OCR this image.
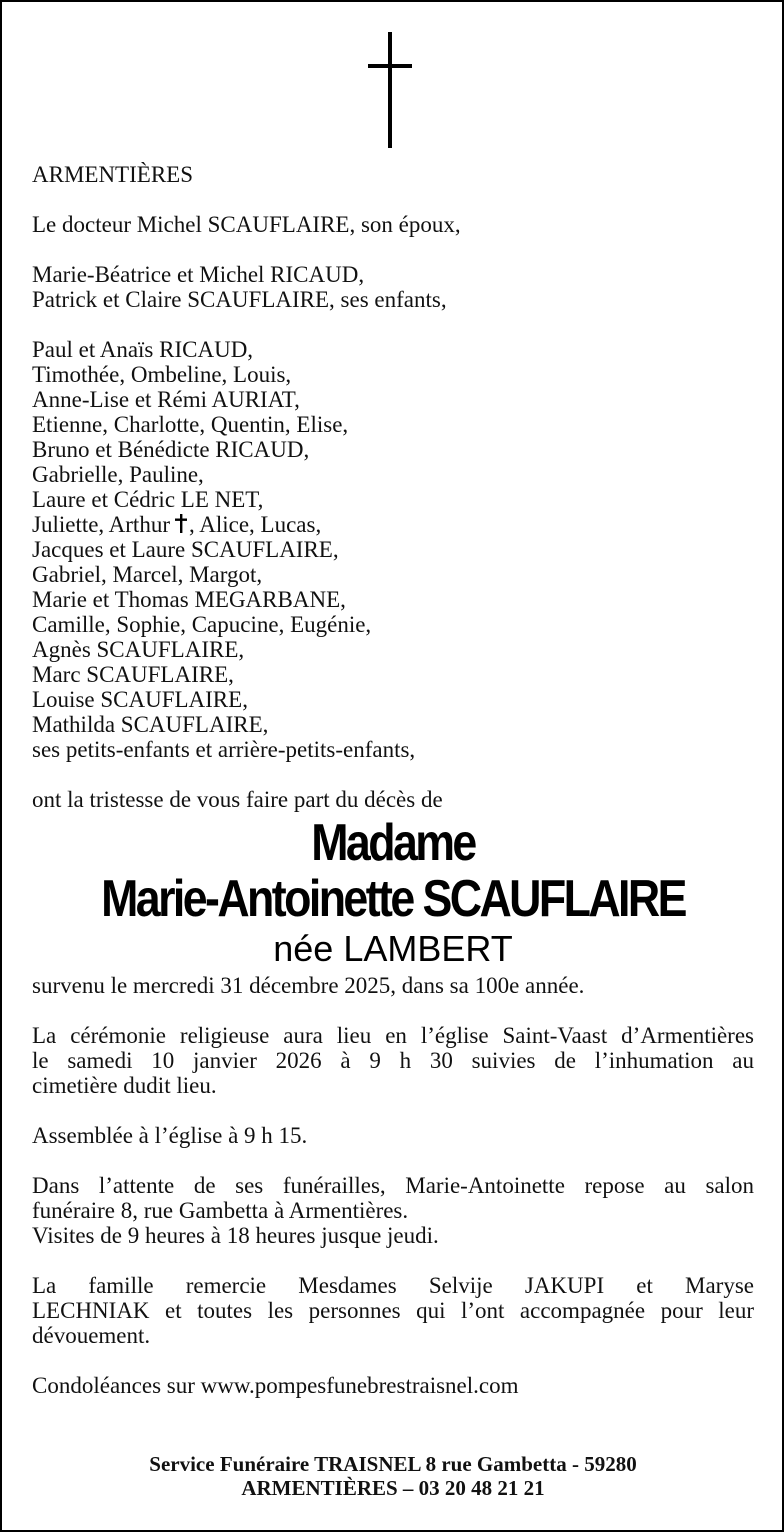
ARMENTIÈRES
Le docteur Michel SCAUFLAIRE, son époux,
Marie-Béatrice et Michel RICAUD,
Patrick et Claire SCAUFLAIRE, ses enfants,
Paul et Anaïs RICAUD,
Timothée, Ombeline, Louis,
Anne-Lise et Rémi AURIAT,
Etienne, Charlotte, Quentin, Elise,
Bruno et Bénédicte RICAUD,
Gabrielle, Pauline,
Laure et Cédric LE NET,
Juliette, Arthur , Alice, Lucas,
Jacques et Laure SCAUFLAIRE,
Gabriel, Marcel, Margot,
Marie et Thomas MEGARBANE,
Camille, Sophie, Capucine, Eugénie,
Agnès SCAUFLAIRE,
Marc SCAUFLAIRE,
Louise SCAUFLAIRE,
Mathilda SCAUFLAIRE,
ses petits-enfants et arrière-petits-enfants,
ont la tristesse de vous faire part du décès de
Madame
Marie-Antoinette SCAUFLAIRE
née LAMBERT
survenu le mercredi 31 décembre 2025, dans sa 100e année.
La cérémonie religieuse aura lieu en l’église Saint-Vaast d’Armentières
le samedi 10 janvier 2026 à 9 h 30 suivies de l’inhumation au
cimetière dudit lieu.
Assemblée à l’église à 9 h 15.
Dans l’attente de ses funérailles, Marie-Antoinette repose au salon
funéraire 8, rue Gambetta à Armentières.
Visites de 9 heures à 18 heures jusque jeudi.
La famille remercie Mesdames Selvije JAKUPI et Maryse
LECHNIAK et toutes les personnes qui l’ont accompagnée pour leur
dévouement.
Condoléances sur www.pompesfunebrestraisnel.com
Service Funéraire TRAISNEL 8 rue Gambetta - 59280
ARMENTIÈRES – 03 20 48 21 21
